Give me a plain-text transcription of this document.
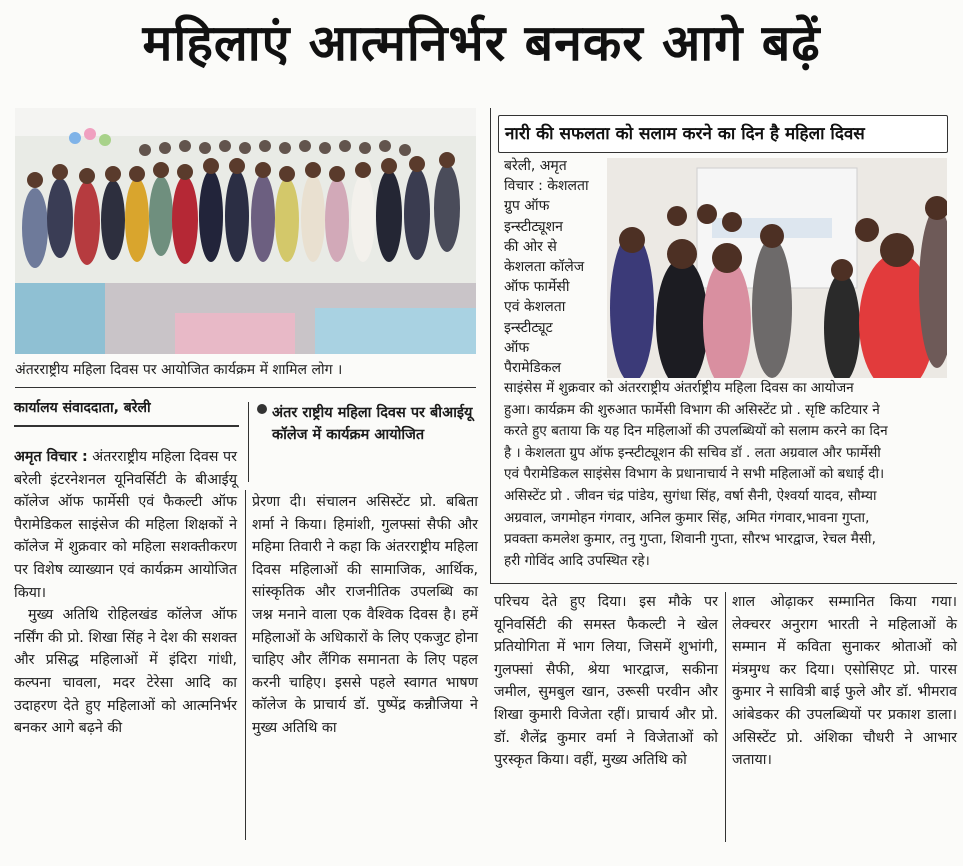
महिलाएं आत्मनिर्भर बनकर आगे बढ़ें
अंतरराष्ट्रीय महिला दिवस पर आयोजित कार्यक्रम में शामिल लोग ।
कार्यालय संवाददाता, बरेली	अंतर राष्ट्रीय महिला दिवस पर बीआईयू कॉलेज में कार्यक्रम आयोजित

अमृत विचार : अंतरराष्ट्रीय महिला दिवस पर बरेली इंटरनेशनल यूनिवर्सिटी के बीआईयू कॉलेज ऑफ फार्मेसी एवं फैकल्टी ऑफ पैरामेडिकल साइंसेज की महिला शिक्षकों ने कॉलेज में शुक्रवार को महिला सशक्तीकरण पर विशेष व्याख्यान एवं कार्यक्रम आयोजित किया।

मुख्य अतिथि रोहिलखंड कॉलेज ऑफ नर्सिंग की प्रो. शिखा सिंह ने देश की सशक्त और प्रसिद्ध महिलाओं में इंदिरा गांधी, कल्पना चावला, मदर टेरेसा आदि का उदाहरण देते हुए महिलाओं को आत्मनिर्भर बनकर आगे बढ़ने की

प्रेरणा दी। संचालन असिस्टेंट प्रो. बबिता शर्मा ने किया। हिमांशी, गुलफ्सां सैफी और महिमा तिवारी ने कहा कि अंतरराष्ट्रीय महिला दिवस महिलाओं की सामाजिक, आर्थिक, सांस्कृतिक और राजनीतिक उपलब्धि का जश्न मनाने वाला एक वैश्विक दिवस है। हमें महिलाओं के अधिकारों के लिए एकजुट होना चाहिए और लैंगिक समानता के लिए पहल करनी चाहिए। इससे पहले स्वागत भाषण कॉलेज के प्राचार्य डॉ. पुष्पेंद्र कन्नौजिया ने मुख्य अतिथि का

परिचय देते हुए दिया। इस मौके पर यूनिवर्सिटी की समस्त फैकल्टी ने खेल प्रतियोगिता में भाग लिया, जिसमें शुभांगी, गुलफ्सां सैफी, श्रेया भारद्वाज, सकीना जमील, सुमबुल खान, उरूसी परवीन और शिखा कुमारी विजेता रहीं। प्राचार्य और प्रो. डॉ. शैलेंद्र कुमार वर्मा ने विजेताओं को पुरस्कृत किया। वहीं, मुख्य अतिथि को

शाल ओढ़ाकर सम्मानित किया गया। लेक्चरर अनुराग भारती ने महिलाओं के सम्मान में कविता सुनाकर श्रोताओं को मंत्रमुग्ध कर दिया। एसोसिएट प्रो. पारस कुमार ने सावित्री बाई फुले और डॉ. भीमराव आंबेडकर की उपलब्धियों पर प्रकाश डाला। असिस्टेंट प्रो. अंशिका चौधरी ने आभार जताया।

नारी की सफलता को सलाम करने का दिन है महिला दिवस
बरेली, अमृत
विचार : केशलता
ग्रुप ऑफ
इन्स्टीट्यूशन
की ओर से
केशलता कॉलेज
ऑफ फार्मेसी
एवं केशलता
इन्स्टीट्यूट
ऑफ
पैरामेडिकल
साइंसेस में शुक्रवार को अंतरराष्ट्रीय अंतर्राष्ट्रीय महिला दिवस का आयोजन
हुआ। कार्यक्रम की शुरुआत फार्मेसी विभाग की असिस्टेंट प्रो . सृष्टि कटियार ने
करते हुए बताया कि यह दिन महिलाओं की उपलब्धियों को सलाम करने का दिन
है । केशलता ग्रुप ऑफ इन्स्टीट्यूशन की सचिव डॉ . लता अग्रवाल और फार्मेसी
एवं पैरामेडिकल साइंसेस विभाग के प्रधानाचार्य ने सभी महिलाओं को बधाई दी।
असिस्टेंट प्रो . जीवन चंद्र पांडेय, सुगंधा सिंह, वर्षा सैनी, ऐश्वर्या यादव, सौम्या
अग्रवाल, जगमोहन गंगवार, अनिल कुमार सिंह, अमित गंगवार,भावना गुप्ता,
प्रवक्ता कमलेश कुमार, तनु गुप्ता, शिवानी गुप्ता, सौरभ भारद्वाज, रेचल मैसी,
हरी गोविंद आदि उपस्थित रहे।
